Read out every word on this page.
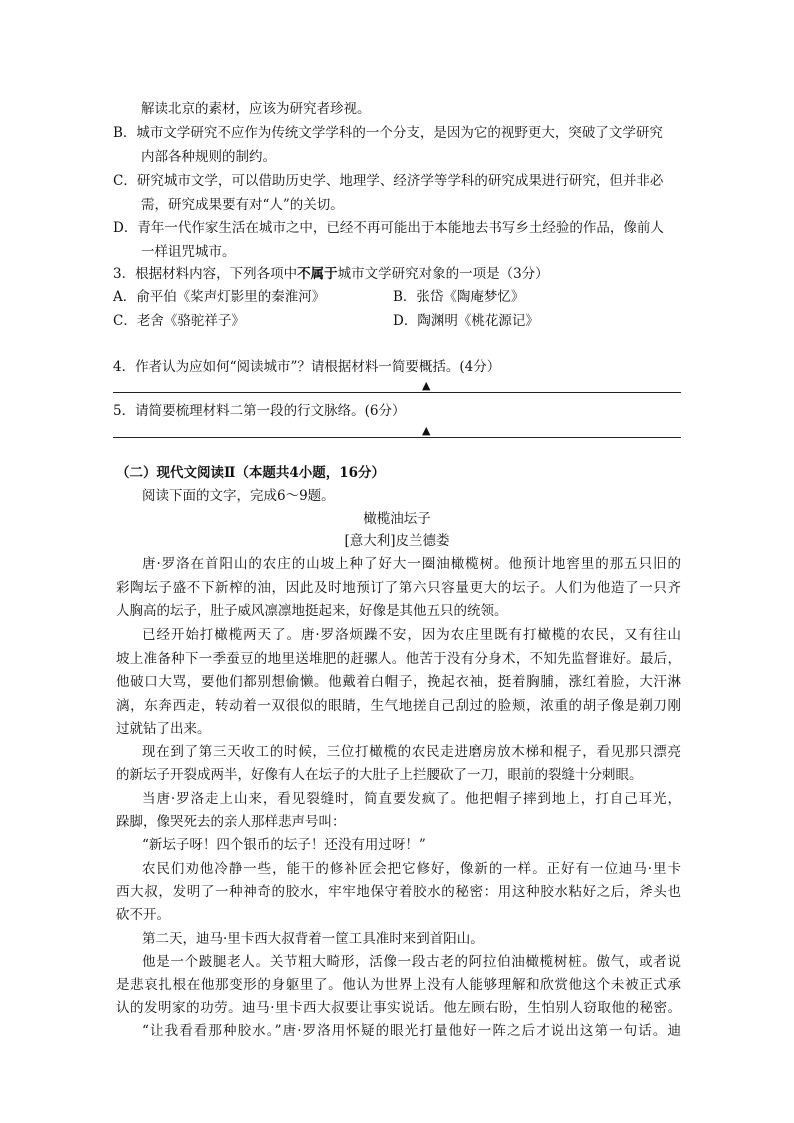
解读北京的素材，应该为研究者珍视。
B．城市文学研究不应作为传统文学学科的一个分支，是因为它的视野更大，突破了文学研究
内部各种规则的制约。
C．研究城市文学，可以借助历史学、地理学、经济学等学科的研究成果进行研究，但并非必
需，研究成果要有对“人”的关切。
D．青年一代作家生活在城市之中，已经不再可能出于本能地去书写乡土经验的作品，像前人
一样诅咒城市。
3．根据材料内容，下列各项中不属于城市文学研究对象的一项是（3分）
A．俞平伯《桨声灯影里的秦淮河》	B．张岱《陶庵梦忆》
C．老舍《骆驼祥子》	D．陶渊明《桃花源记》
4．作者认为应如何“阅读城市”？请根据材料一简要概括。(4分）
▲
5．请简要梳理材料二第一段的行文脉络。(6分）
▲
（二）现代文阅读Ⅱ（本题共4小题，16分）
阅读下面的文字，完成6～9题。
橄榄油坛子
[意大利]皮兰德娄
唐·罗洛在首阳山的农庄的山坡上种了好大一圈油橄榄树。他预计地窖里的那五只旧的
彩陶坛子盛不下新榨的油，因此及时地预订了第六只容量更大的坛子。人们为他造了一只齐
人胸高的坛子，肚子威风凛凛地挺起来，好像是其他五只的统领。
已经开始打橄榄两天了。唐·罗洛烦躁不安，因为农庄里既有打橄榄的农民，又有往山
坡上准备种下一季蚕豆的地里送堆肥的赶骡人。他苦于没有分身术，不知先监督谁好。最后，
他破口大骂，要他们都别想偷懒。他戴着白帽子，挽起衣袖，挺着胸脯，涨红着脸，大汗淋
漓，东奔西走，转动着一双很似的眼睛，生气地搓自己刮过的脸颊，浓重的胡子像是剃刀刚
过就钻了出来。
现在到了第三天收工的时候，三位打橄榄的农民走进磨房放木梯和棍子，看见那只漂亮
的新坛子开裂成两半，好像有人在坛子的大肚子上拦腰砍了一刀，眼前的裂缝十分刺眼。
当唐·罗洛走上山来，看见裂缝时，简直要发疯了。他把帽子摔到地上，打自己耳光，
跺脚，像哭死去的亲人那样悲声号叫：
“新坛子呀！四个银币的坛子！还没有用过呀！”
农民们劝他冷静一些，能干的修补匠会把它修好，像新的一样。正好有一位迪马·里卡
西大叔，发明了一种神奇的胶水，牢牢地保守着胶水的秘密：用这种胶水粘好之后，斧头也
砍不开。
第二天，迪马·里卡西大叔背着一筐工具准时来到首阳山。
他是一个跛腿老人。关节粗大畸形，活像一段古老的阿拉伯油橄榄树桩。傲气，或者说
是悲哀扎根在他那变形的身躯里了。他认为世界上没有人能够理解和欣赏他这个未被正式承
认的发明家的功劳。迪马·里卡西大叔要让事实说话。他左顾右盼，生怕别人窃取他的秘密。
“让我看看那种胶水。”唐·罗洛用怀疑的眼光打量他好一阵之后才说出这第一句话。迪
